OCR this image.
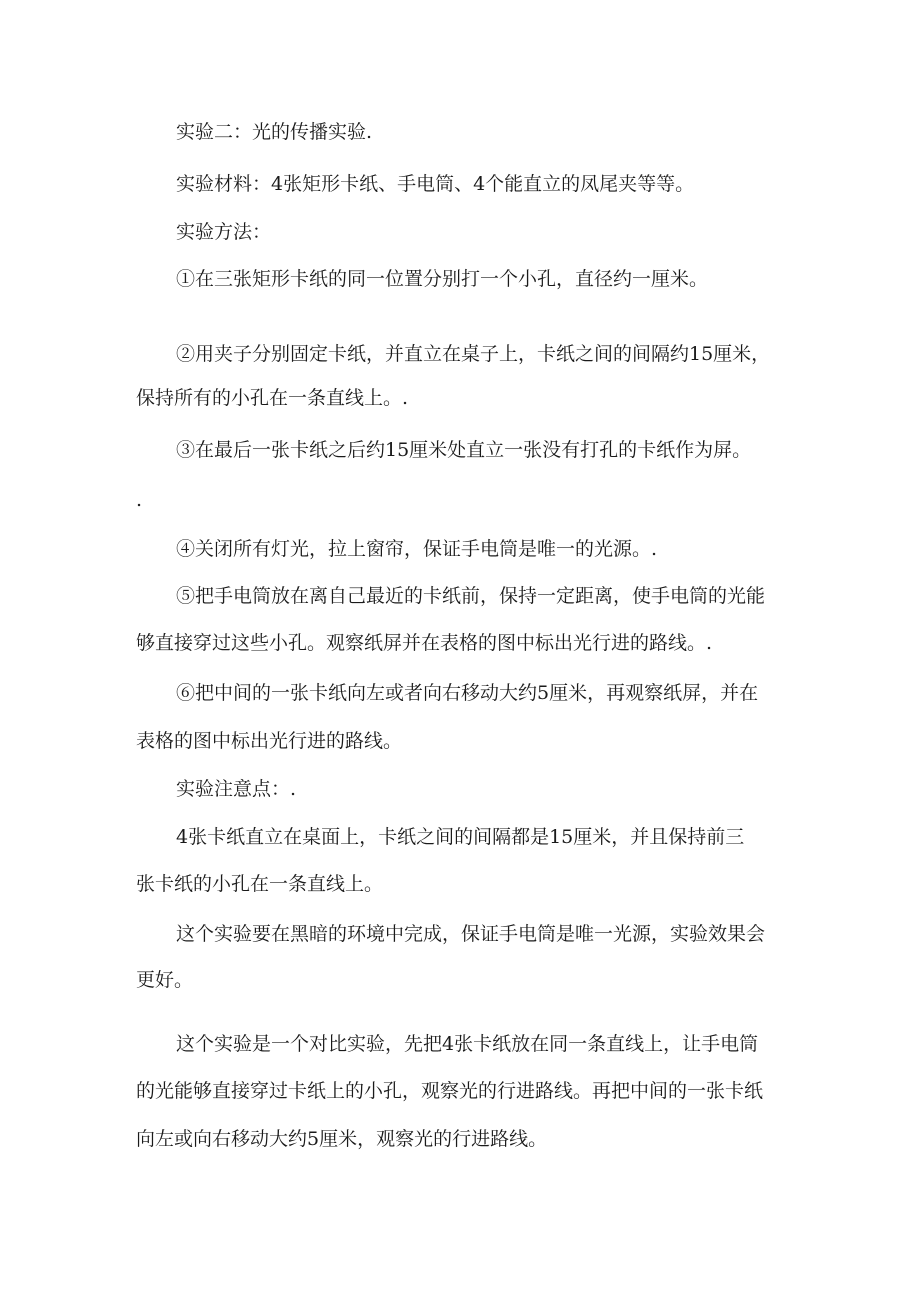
实验二：光的传播实验.

实验材料：4张矩形卡纸、手电筒、4个能直立的凤尾夹等等。

实验方法：

①在三张矩形卡纸的同一位置分别打一个小孔，直径约一厘米。

②用夹子分别固定卡纸，并直立在桌子上，卡纸之间的间隔约15厘米，

保持所有的小孔在一条直线上。.

③在最后一张卡纸之后约15厘米处直立一张没有打孔的卡纸作为屏。

.

④关闭所有灯光，拉上窗帘，保证手电筒是唯一的光源。.

⑤把手电筒放在离自己最近的卡纸前，保持一定距离，使手电筒的光能

够直接穿过这些小孔。观察纸屏并在表格的图中标出光行进的路线。.

⑥把中间的一张卡纸向左或者向右移动大约5厘米，再观察纸屏，并在

表格的图中标出光行进的路线。

实验注意点：.

4张卡纸直立在桌面上，卡纸之间的间隔都是15厘米，并且保持前三

张卡纸的小孔在一条直线上。

这个实验要在黑暗的环境中完成，保证手电筒是唯一光源，实验效果会

更好。

这个实验是一个对比实验，先把4张卡纸放在同一条直线上，让手电筒

的光能够直接穿过卡纸上的小孔，观察光的行进路线。再把中间的一张卡纸

向左或向右移动大约5厘米，观察光的行进路线。
